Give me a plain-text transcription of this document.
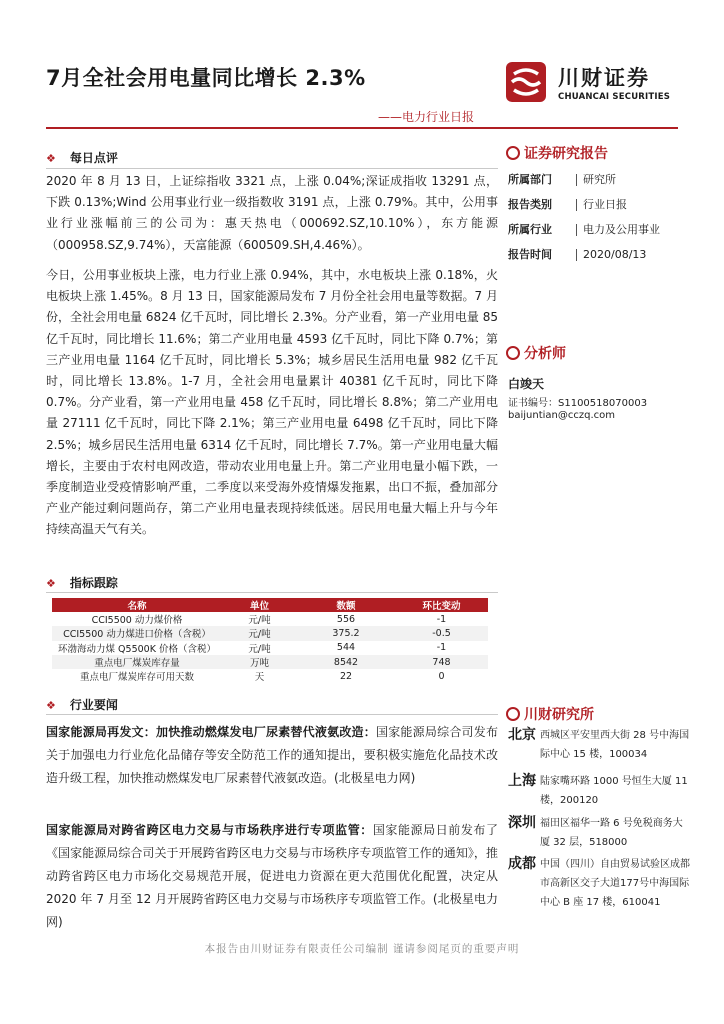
7月全社会用电量同比增长 2.3%
——电力行业日报
川财证券
CHUANCAI SECURITIES
❖ 每日点评
2020 年 8 月 13 日，上证综指收 3321 点，上涨 0.04%;深证成指收 13291 点，下跌 0.13%;Wind 公用事业行业一级指数收 3191 点，上涨 0.79%。其中，公用事业行业涨幅前三的公司为：惠天热电（000692.SZ,10.10%），东方能源（000958.SZ,9.74%），天富能源（600509.SH,4.46%）。
今日，公用事业板块上涨，电力行业上涨 0.94%，其中，水电板块上涨 0.18%，火电板块上涨 1.45%。8 月 13 日，国家能源局发布 7 月份全社会用电量等数据。7 月份，全社会用电量 6824 亿千瓦时，同比增长 2.3%。分产业看，第一产业用电量 85 亿千瓦时，同比增长 11.6%；第二产业用电量 4593 亿千瓦时，同比下降 0.7%；第三产业用电量 1164 亿千瓦时，同比增长 5.3%；城乡居民生活用电量 982 亿千瓦时，同比增长 13.8%。1-7 月，全社会用电量累计 40381 亿千瓦时，同比下降 0.7%。分产业看，第一产业用电量 458 亿千瓦时，同比增长 8.8%；第二产业用电量 27111 亿千瓦时，同比下降 2.1%；第三产业用电量 6498 亿千瓦时，同比下降 2.5%；城乡居民生活用电量 6314 亿千瓦时，同比增长 7.7%。第一产业用电量大幅增长，主要由于农村电网改造，带动农业用电量上升。第二产业用电量小幅下跌，一季度制造业受疫情影响严重，二季度以来受海外疫情爆发拖累，出口不振，叠加部分产业产能过剩问题尚存，第二产业用电量表现持续低迷。居民用电量大幅上升与今年持续高温天气有关。
❖ 指标跟踪
名称	单位	数额	环比变动
CCI5500 动力煤价格	元/吨	556	-1
CCI5500 动力煤进口价格（含税）	元/吨	375.2	-0.5
环渤海动力煤 Q5500K 价格（含税）	元/吨	544	-1
重点电厂煤炭库存量	万吨	8542	748
重点电厂煤炭库存可用天数	天	22	0
❖ 行业要闻
国家能源局再发文：加快推动燃煤发电厂尿素替代液氨改造：国家能源局综合司发布关于加强电力行业危化品储存等安全防范工作的通知提出，要积极实施危化品技术改造升级工程，加快推动燃煤发电厂尿素替代液氨改造。(北极星电力网)
国家能源局对跨省跨区电力交易与市场秩序进行专项监管：国家能源局日前发布了《国家能源局综合司关于开展跨省跨区电力交易与市场秩序专项监管工作的通知》，推动跨省跨区电力市场化交易规范开展，促进电力资源在更大范围优化配置，决定从 2020 年 7 月至 12 月开展跨省跨区电力交易与市场秩序专项监管工作。(北极星电力网)
证券研究报告
所属部门	研究所
报告类别	行业日报
所属行业	电力及公用事业
报告时间	2020/08/13
分析师
白竣天
证书编号：S1100518070003
baijuntian@cczq.com
川财研究所
北京 西城区平安里西大街 28 号中海国际中心 15 楼，100034
上海 陆家嘴环路 1000 号恒生大厦 11 楼，200120
深圳 福田区福华一路 6 号免税商务大厦 32 层，518000
成都 中国（四川）自由贸易试验区成都市高新区交子大道177号中海国际中心 B 座 17 楼，610041
本报告由川财证券有限责任公司编制 谨请参阅尾页的重要声明
